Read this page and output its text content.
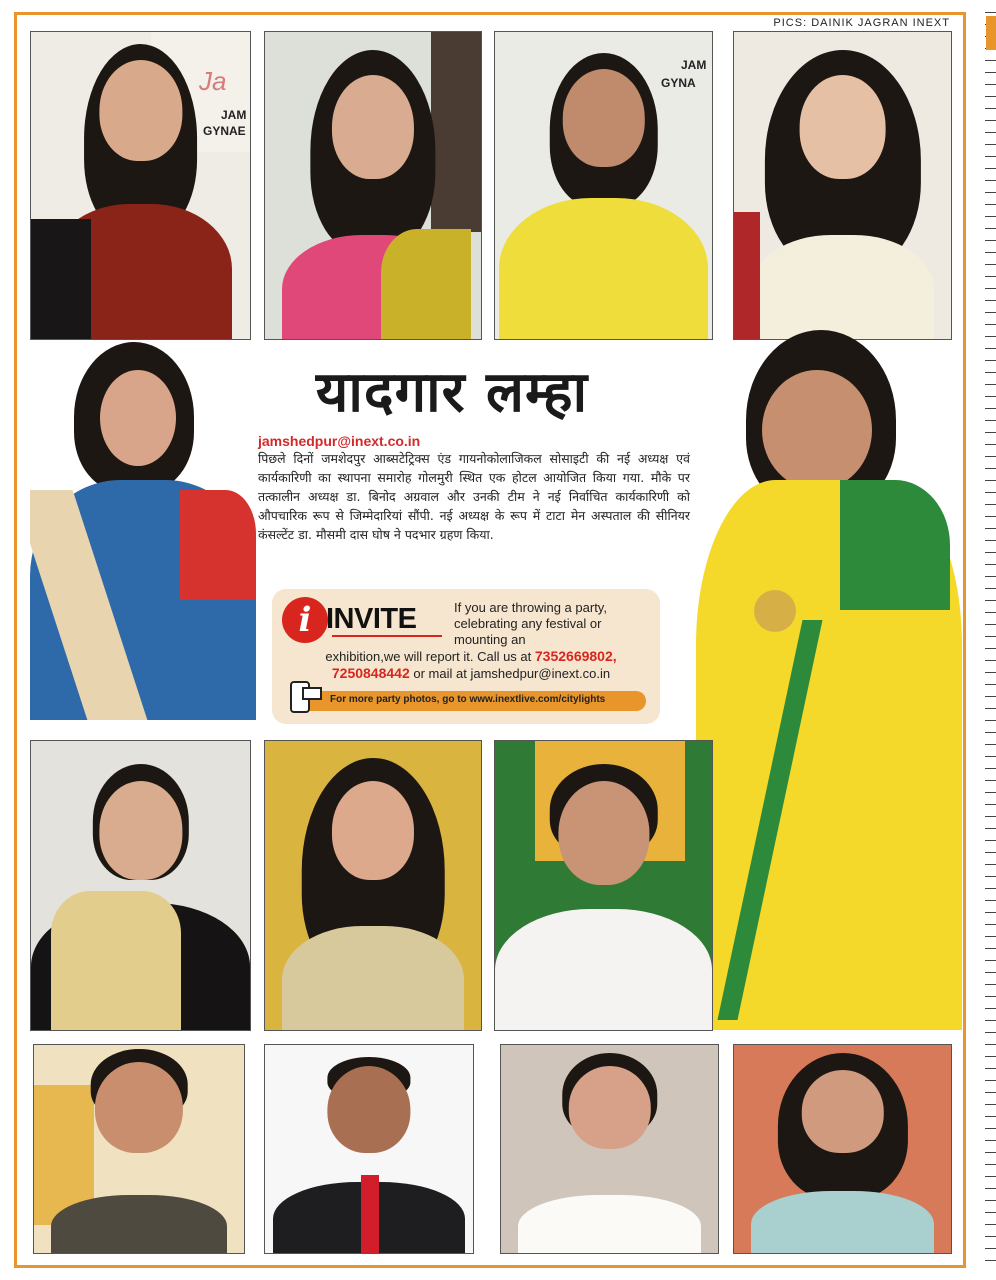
PICS: DAINIK JAGRAN INEXT
Ja
JAM
GYNAE
JAM
GYNA
यादगार लम्हा
jamshedpur@inext.co.in
पिछले दिनों जमशेदपुर आब्सटेट्रिक्स एंड गायनोकोलाजिकल सोसाइटी की नई अध्यक्ष एवं कार्यकारिणी का स्थापना समारोह गोलमुरी स्थित एक होटल आयोजित किया गया. मौके पर तत्कालीन अध्यक्ष डा. बिनोद अग्रवाल और उनकी टीम ने नई निर्वाचित कार्यकारिणी को औपचारिक रूप से जिम्मेदारियां सौंपी. नई अध्यक्ष के रूप में टाटा मेन अस्पताल की सीनियर कंसल्टेंट डा. मौसमी दास घोष ने पदभार ग्रहण किया.
i INVITE	If you are throwing a party, celebrating any festival or mounting an
exhibition,we will report it. Call us at 7352669802,
7250848442 or mail at jamshedpur@inext.co.in
For more party photos, go to www.inextlive.com/citylights
